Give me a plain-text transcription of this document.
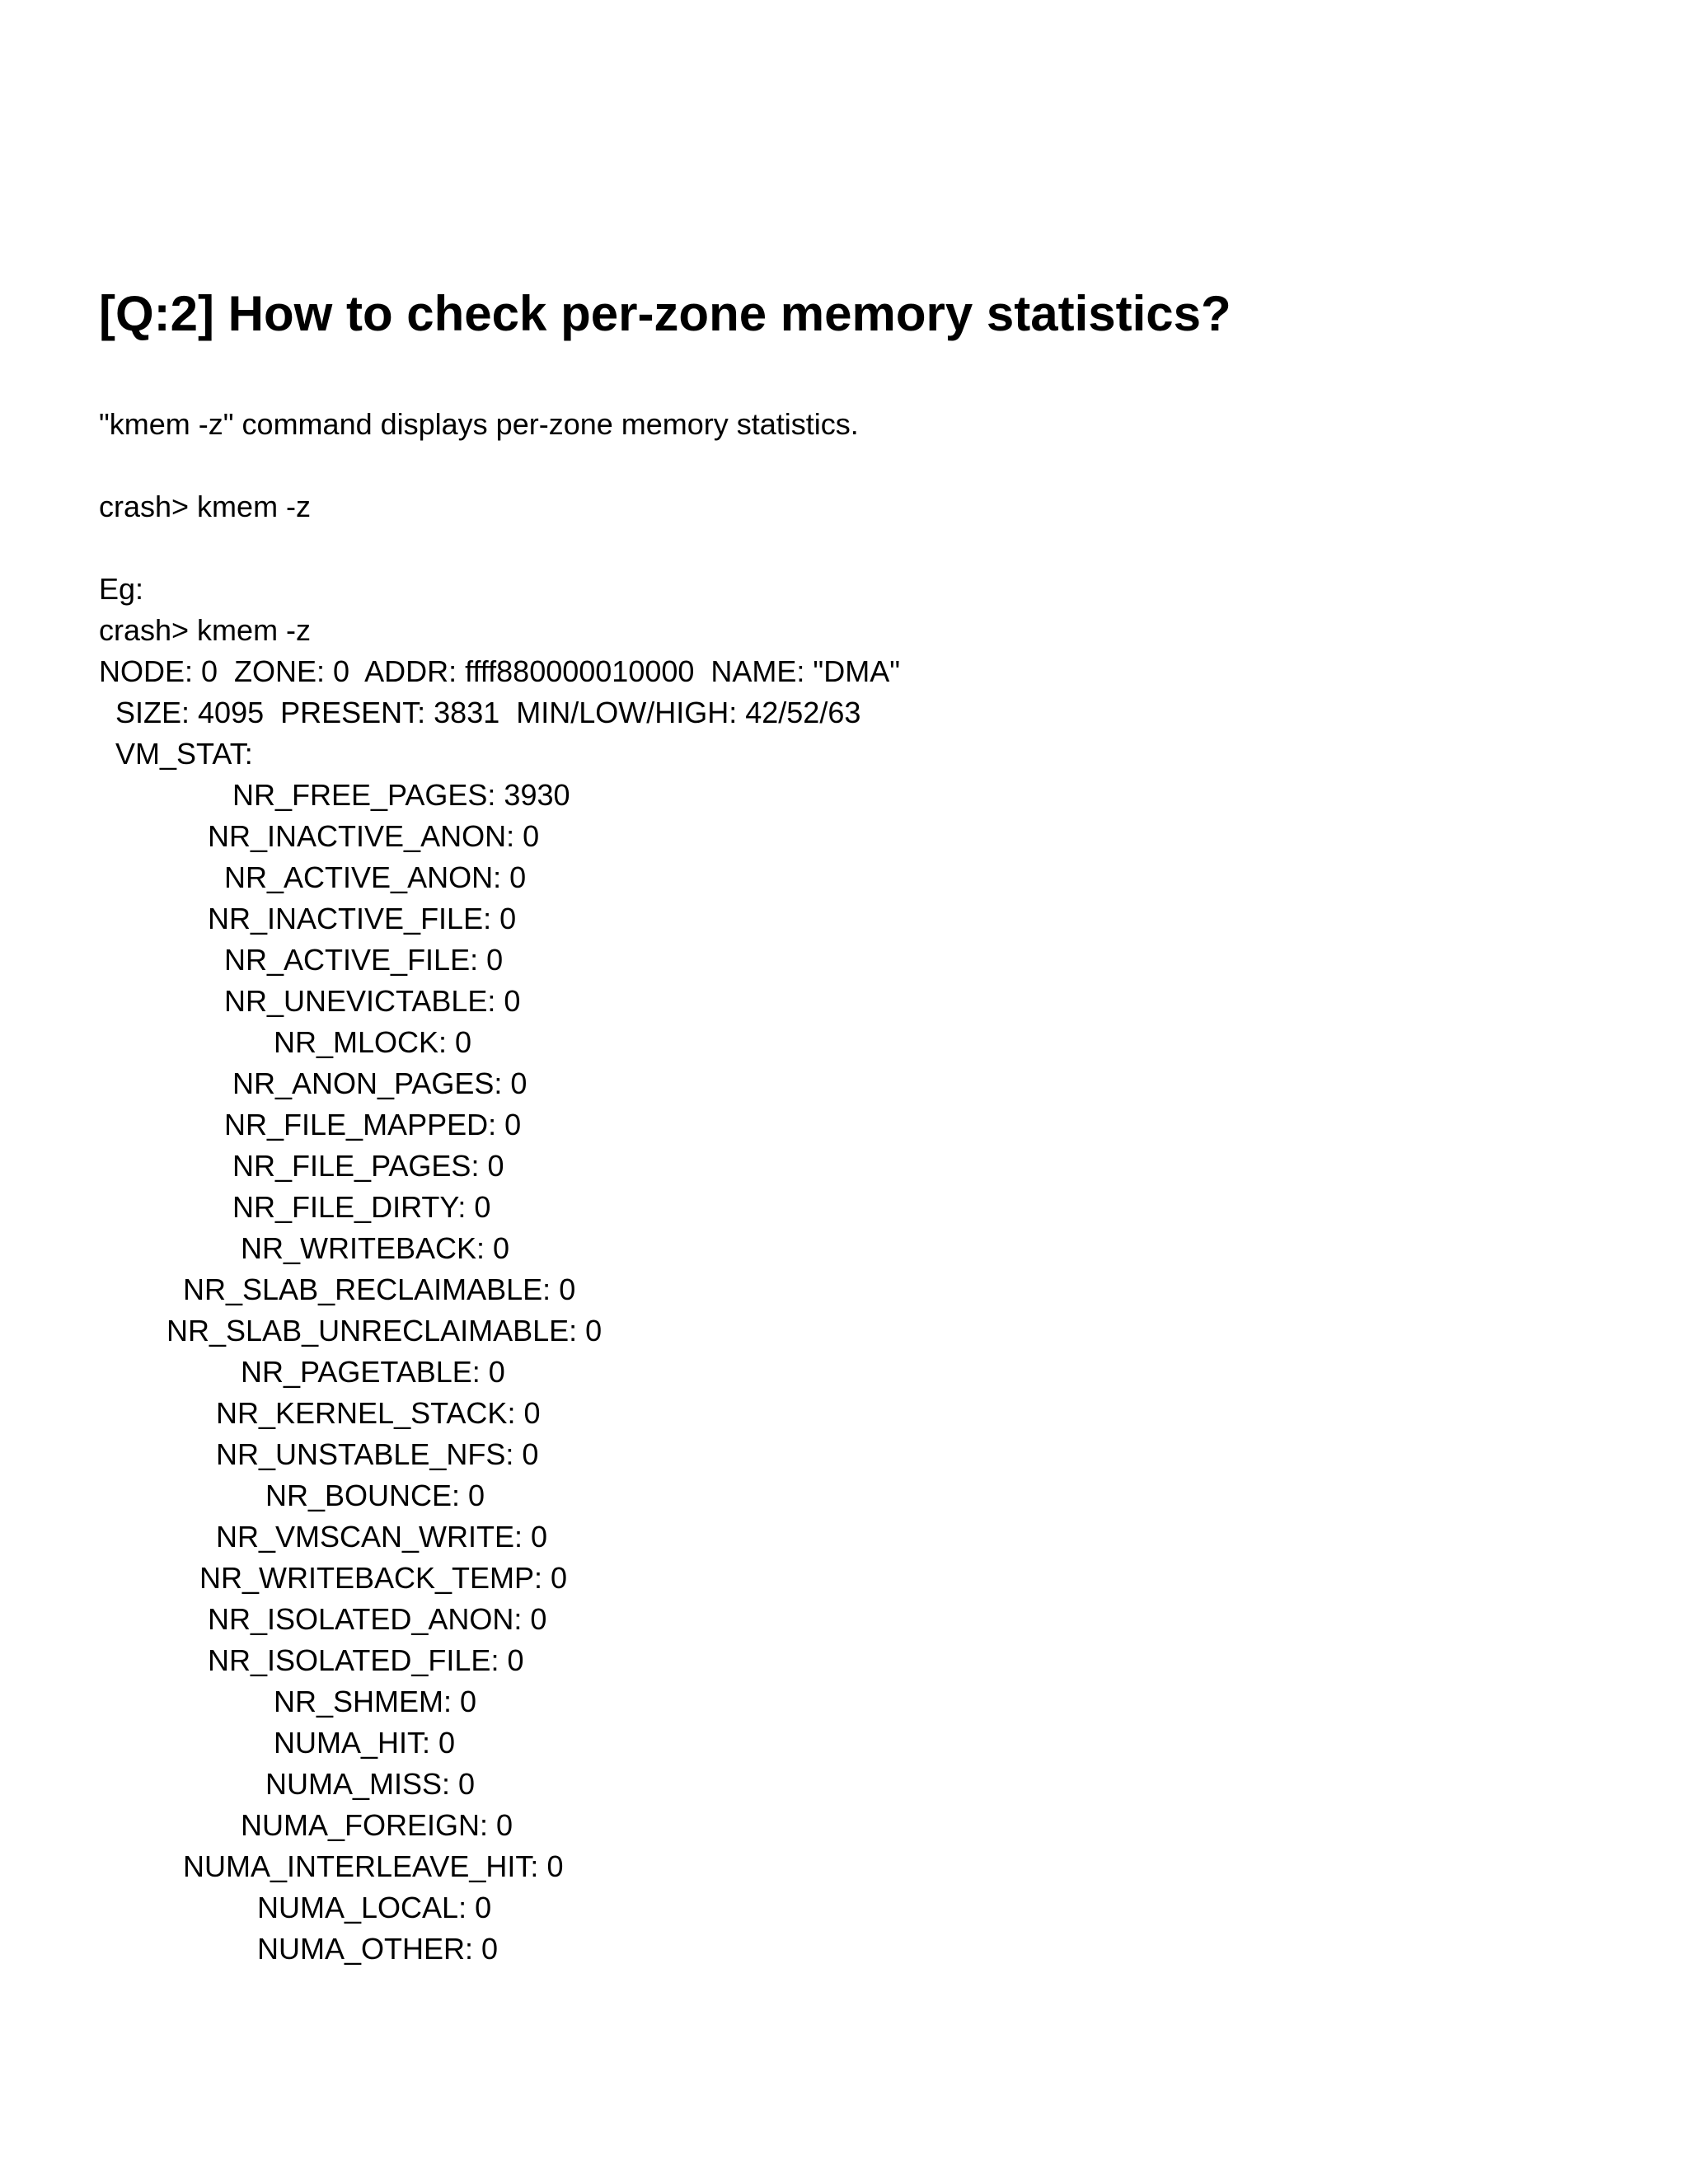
[Q:2] How to check per-zone memory statistics?
"kmem -z" command displays per-zone memory statistics.
crash> kmem -z
Eg:
crash> kmem -z
NODE: 0  ZONE: 0  ADDR: ffff880000010000  NAME: "DMA"
SIZE: 4095  PRESENT: 3831  MIN/LOW/HIGH: 42/52/63
VM_STAT:
NR_FREE_PAGES: 3930
NR_INACTIVE_ANON: 0
NR_ACTIVE_ANON: 0
NR_INACTIVE_FILE: 0
NR_ACTIVE_FILE: 0
NR_UNEVICTABLE: 0
NR_MLOCK: 0
NR_ANON_PAGES: 0
NR_FILE_MAPPED: 0
NR_FILE_PAGES: 0
NR_FILE_DIRTY: 0
NR_WRITEBACK: 0
NR_SLAB_RECLAIMABLE: 0
NR_SLAB_UNRECLAIMABLE: 0
NR_PAGETABLE: 0
NR_KERNEL_STACK: 0
NR_UNSTABLE_NFS: 0
NR_BOUNCE: 0
NR_VMSCAN_WRITE: 0
NR_WRITEBACK_TEMP: 0
NR_ISOLATED_ANON: 0
NR_ISOLATED_FILE: 0
NR_SHMEM: 0
NUMA_HIT: 0
NUMA_MISS: 0
NUMA_FOREIGN: 0
NUMA_INTERLEAVE_HIT: 0
NUMA_LOCAL: 0
NUMA_OTHER: 0
